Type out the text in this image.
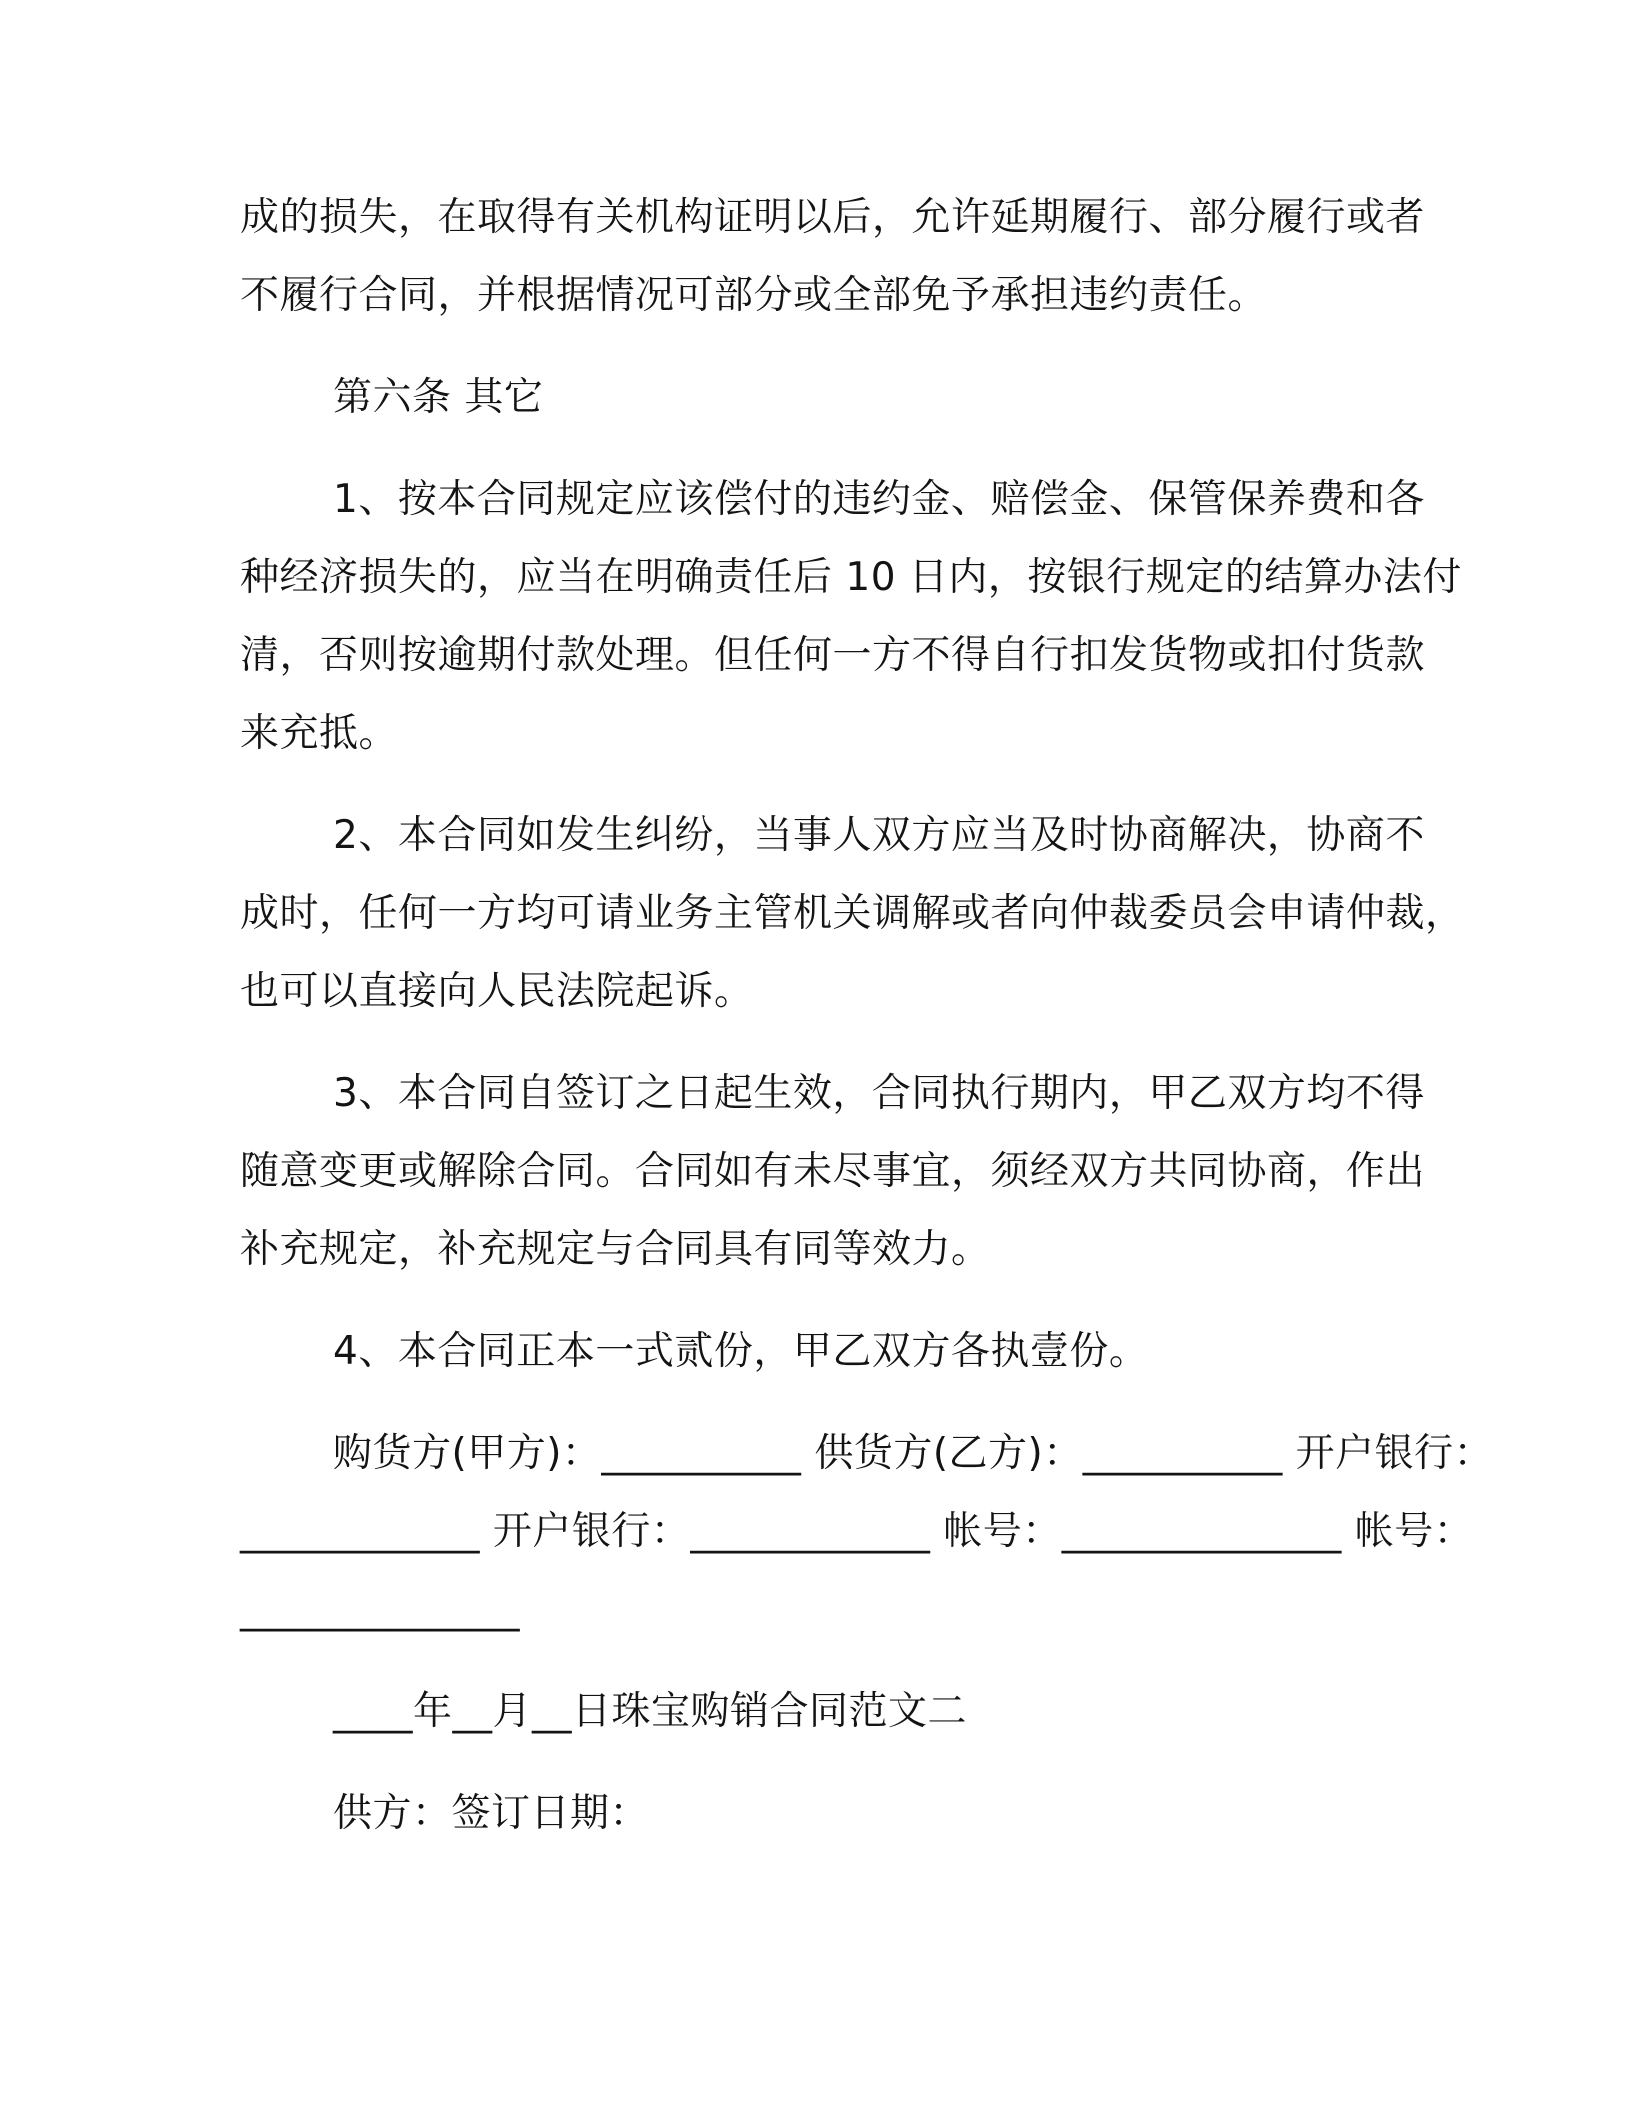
成的损失，在取得有关机构证明以后，允许延期履行、部分履行或者
不履行合同，并根据情况可部分或全部免予承担违约责任。
第六条 其它
1、按本合同规定应该偿付的违约金、赔偿金、保管保养费和各
种经济损失的，应当在明确责任后 10 日内，按银行规定的结算办法付
清，否则按逾期付款处理。但任何一方不得自行扣发货物或扣付货款
来充抵。
2、本合同如发生纠纷，当事人双方应当及时协商解决，协商不
成时，任何一方均可请业务主管机关调解或者向仲裁委员会申请仲裁，
也可以直接向人民法院起诉。
3、本合同自签订之日起生效，合同执行期内，甲乙双方均不得
随意变更或解除合同。合同如有未尽事宜，须经双方共同协商，作出
补充规定，补充规定与合同具有同等效力。
4、本合同正本一式贰份，甲乙双方各执壹份。
购货方(甲方)：__________ 供货方(乙方)：__________ 开户银行：
____________ 开户银行：____________ 帐号：______________ 帐号：
______________
____年__月__日珠宝购销合同范文二
供方：签订日期：
